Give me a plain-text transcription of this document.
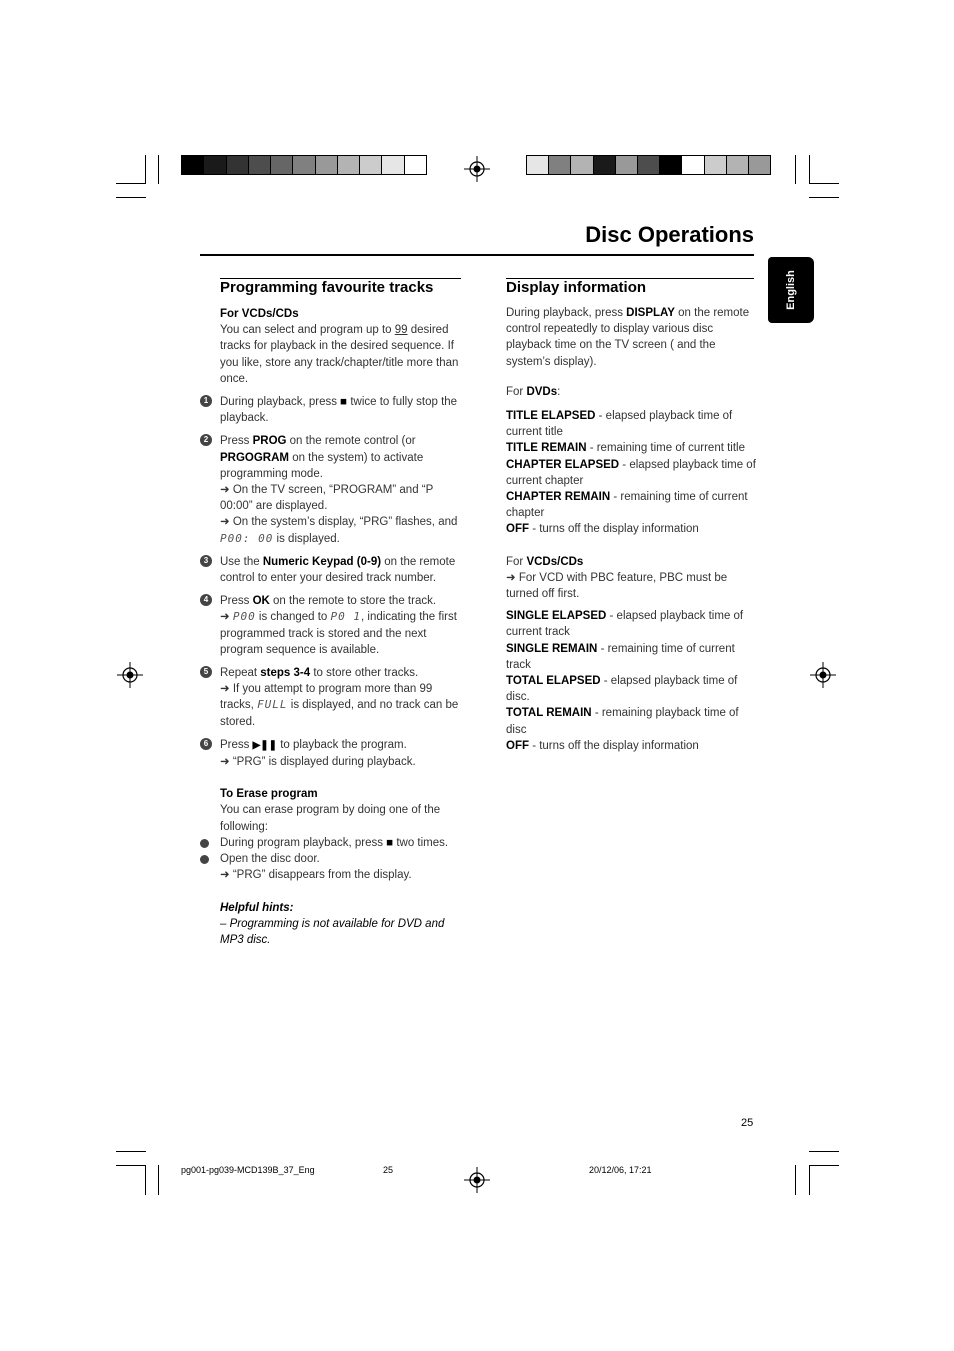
Disc Operations
English
Programming favourite tracks
For VCDs/CDs

You can select and program up to 99 desired tracks for playback in the desired sequence. If you like, store any track/chapter/title more than once.

1	During playback, press ■ twice to fully stop the playback.
2	Press PROG on the remote control (or PRGOGRAM on the system) to activate programming mode.
➜ On the TV screen, “PROGRAM” and “P 00:00” are displayed.
➜ On the system’s display, “PRG” flashes, and P00: 00 is displayed.
3	Use the Numeric Keypad (0-9) on the remote control to enter your desired track number.
4	Press OK on the remote to store the track.
➜ P00 is changed to P0 1, indicating the first programmed track is stored and the next program sequence is available.
5	Repeat steps 3-4 to store other tracks.
➜ If you attempt to program more than 99 tracks, FULL is displayed, and no track can be stored.
6	Press ▶❚❚ to playback the program.
➜ “PRG” is displayed during playback.
To Erase program

You can erase program by doing one of the following:

During program playback, press ■ two times.
Open the disc door.
➜ “PRG” disappears from the display.
Helpful hints:
– Programming is not available for DVD and MP3 disc.
Display information

During playback, press DISPLAY on the remote control repeatedly to display various disc playback time on the TV screen ( and the system’s display).

For DVDs:

TITLE ELAPSED - elapsed playback time of current title
TITLE REMAIN - remaining time of current title
CHAPTER ELAPSED - elapsed playback time of current chapter
CHAPTER REMAIN - remaining time of current chapter
OFF - turns off the display information

For VCDs/CDs

➜ For VCD with PBC feature, PBC must be turned off first.

SINGLE ELAPSED - elapsed playback time of current track
SINGLE REMAIN - remaining time of current track
TOTAL ELAPSED - elapsed playback time of disc.
TOTAL REMAIN - remaining playback time of disc
OFF - turns off the display information
25
pg001-pg039-MCD139B_37_Eng	25	20/12/06, 17:21
